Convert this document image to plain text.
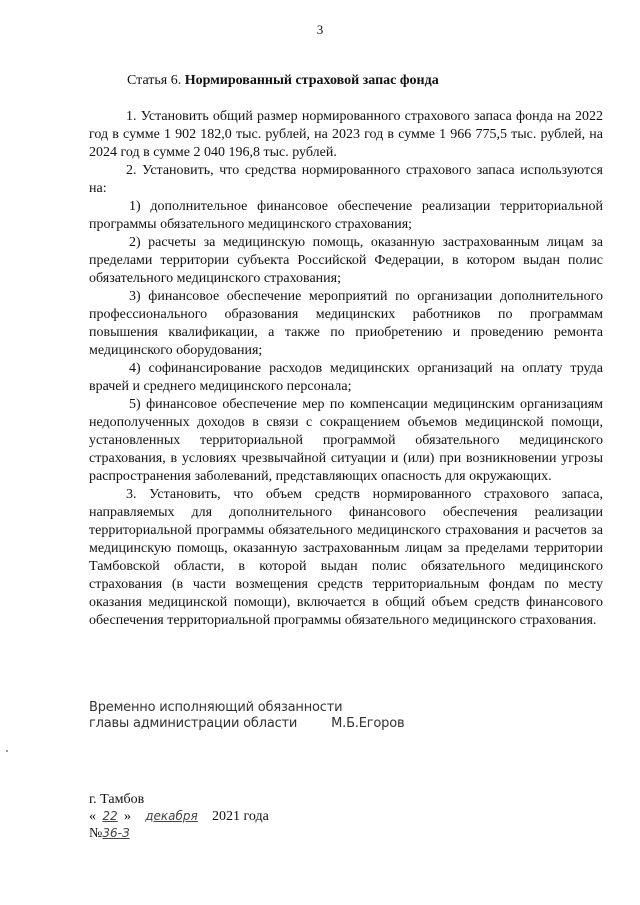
3
Статья 6. Нормированный страховой запас фонда

1. Установить общий размер нормированного страхового запаса фонда на 2022 год в сумме 1 902 182,0 тыс. рублей, на 2023 год в сумме 1 966 775,5 тыс. рублей, на 2024 год в сумме 2 040 196,8 тыс. рублей.

2. Установить, что средства нормированного страхового запаса используются на:

1) дополнительное финансовое обеспечение реализации территориальной программы обязательного медицинского страхования;

2) расчеты за медицинскую помощь, оказанную застрахованным лицам за пределами территории субъекта Российской Федерации, в котором выдан полис обязательного медицинского страхования;

3) финансовое обеспечение мероприятий по организации дополнительного профессионального образования медицинских работников по программам повышения квалификации, а также по приобретению и проведению ремонта медицинского оборудования;

4) софинансирование расходов медицинских организаций на оплату труда врачей и среднего медицинского персонала;

5) финансовое обеспечение мер по компенсации медицинским организациям недополученных доходов в связи с сокращением объемов медицинской помощи, установленных территориальной программой обязательного медицинского страхования, в условиях чрезвычайной ситуации и (или) при возникновении угрозы распространения заболеваний, представляющих опасность для окружающих.

3. Установить, что объем средств нормированного страхового запаса, направляемых для дополнительного финансового обеспечения реализации территориальной программы обязательного медицинского страхования и расчетов за медицинскую помощь, оказанную застрахованным лицам за пределами территории Тамбовской области, в которой выдан полис обязательного медицинского страхования (в части возмещения средств территориальным фондам по месту оказания медицинской помощи), включается в общий объем средств финансового обеспечения территориальной программы обязательного медицинского страхования.

Временно исполняющий обязанности
главы администрации области	М.Б.Егоров
г. Тамбов
« 22 » декабря 2021 года
№36-З
